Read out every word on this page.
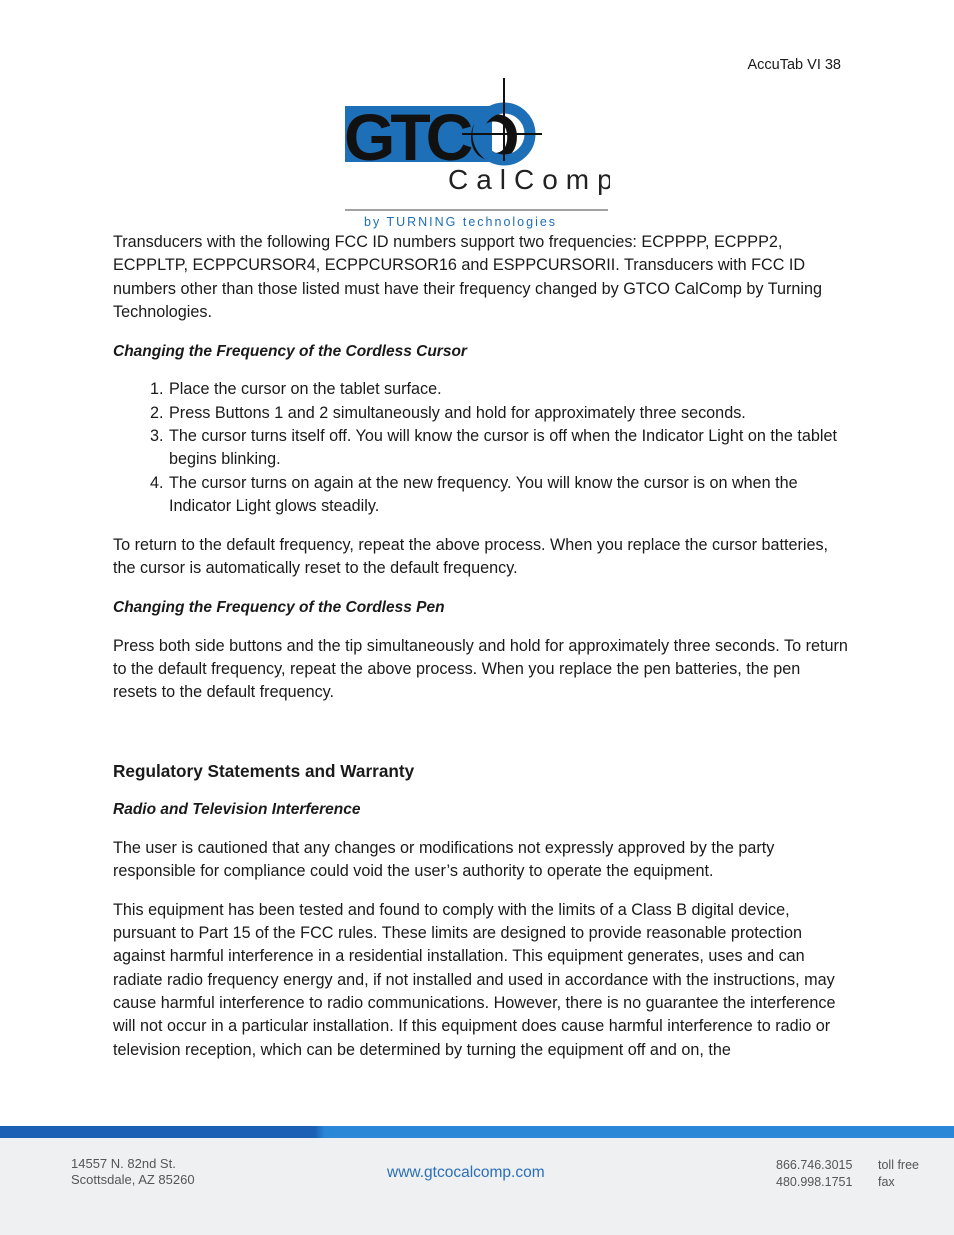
AccuTab VI 38
GTCO
CalComp
by TURNING technologies

Transducers with the following FCC ID numbers support two frequencies: ECPPPP, ECPPP2, ECPPLTP, ECPPCURSOR4, ECPPCURSOR16 and ESPPCURSORII. Transducers with FCC ID numbers other than those listed must have their frequency changed by GTCO CalComp by Turning Technologies.

Changing the Frequency of the Cordless Cursor
1. Place the cursor on the tablet surface.
2. Press Buttons 1 and 2 simultaneously and hold for approximately three seconds.
3. The cursor turns itself off. You will know the cursor is off when the Indicator Light on the tablet begins blinking.
4. The cursor turns on again at the new frequency. You will know the cursor is on when the Indicator Light glows steadily.

To return to the default frequency, repeat the above process. When you replace the cursor batteries, the cursor is automatically reset to the default frequency.

Changing the Frequency of the Cordless Pen

Press both side buttons and the tip simultaneously and hold for approximately three seconds. To return to the default frequency, repeat the above process. When you replace the pen batteries, the pen resets to the default frequency.

Regulatory Statements and Warranty
Radio and Television Interference

The user is cautioned that any changes or modifications not expressly approved by the party responsible for compliance could void the user’s authority to operate the equipment.

This equipment has been tested and found to comply with the limits of a Class B digital device, pursuant to Part 15 of the FCC rules. These limits are designed to provide reasonable protection against harmful interference in a residential installation. This equipment generates, uses and can radiate radio frequency energy and, if not installed and used in accordance with the instructions, may cause harmful interference to radio communications. However, there is no guarantee the interference will not occur in a particular installation. If this equipment does cause harmful interference to radio or television reception, which can be determined by turning the equipment off and on, the

14557 N. 82nd St.
Scottsdale, AZ 85260	www.gtcocalcomp.com	866.746.3015
480.998.1751
toll free
fax
